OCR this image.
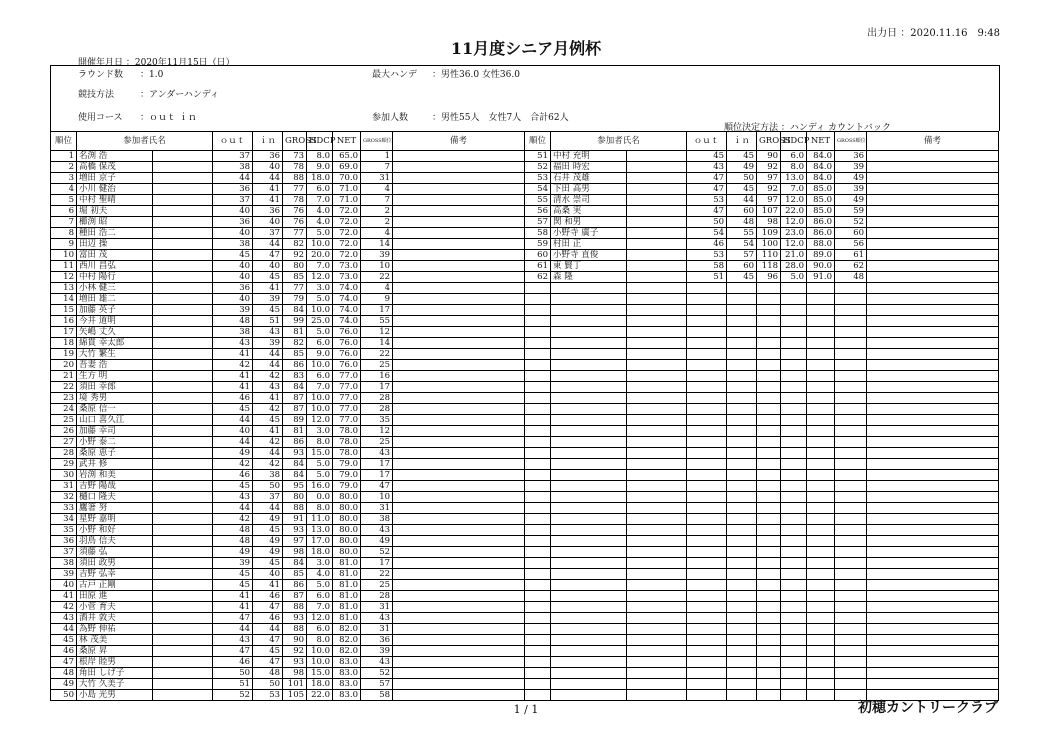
出力日 ：2020.11.16　9:48
11月度シニア月例杯
開催年月日 ：2020年11月15日（日）
ラウンド数 ：1.0	最大ハンデ ：男性36.0 女性36.0
競技方法	：アンダーハンディ
使用コース ：ｏｕｔ ｉｎ	参加人数	：男性55人　女性7人　合計62人
順位決定方法 ：ハンディ カウントバック
順位	参加者氏名		ｏｕｔ	ｉｎ	GROSS	HDCP	NET	GROSS順位	備考
1	名渕 浩		37	36	73	8.0	65.0	1	
2	高橋 保茂		38	40	78	9.0	69.0	7	
3	増田 京子		44	44	88	18.0	70.0	31	
4	小川 健治		36	41	77	6.0	71.0	4	
5	中村 聖晴		37	41	78	7.0	71.0	7	
6	堀 初夫		40	36	76	4.0	72.0	2	
7	櫛渕 昭		36	40	76	4.0	72.0	2	
8	種田 浩二		40	37	77	5.0	72.0	4	
9	田辺 操		38	44	82	10.0	72.0	14	
10	富田 茂		45	47	92	20.0	72.0	39	
11	西川 昌弘		40	40	80	7.0	73.0	10	
12	中村 陽行		40	45	85	12.0	73.0	22	
13	小林 健三		36	41	77	3.0	74.0	4	
14	増田 雄二		40	39	79	5.0	74.0	9	
15	加藤 英子		39	45	84	10.0	74.0	17	
16	今井 道明		48	51	99	25.0	74.0	55	
17	矢嶋 丈久		38	43	81	5.0	76.0	12	
18	綿貫 幸太郎		43	39	82	6.0	76.0	14	
19	大竹 繁生		41	44	85	9.0	76.0	22	
20	吾妻 浩		42	44	86	10.0	76.0	25	
21	生方 明		41	42	83	6.0	77.0	16	
22	須田 幸郎		41	43	84	7.0	77.0	17	
23	境 秀男		46	41	87	10.0	77.0	28	
24	桑原 信一		45	42	87	10.0	77.0	28	
25	山口 喜久江		44	45	89	12.0	77.0	35	
26	加藤 幸司		40	41	81	3.0	78.0	12	
27	小野 泰二		44	42	86	8.0	78.0	25	
28	桑原 恵子		49	44	93	15.0	78.0	43	
29	武井 修		42	42	84	5.0	79.0	17	
30	岩渕 和美		46	38	84	5.0	79.0	17	
31	吉野 陽哉		45	50	95	16.0	79.0	47	
32	樋口 隆夫		43	37	80	0.0	80.0	10	
33	鷹箸 努		44	44	88	8.0	80.0	31	
34	星野 嘉明		42	49	91	11.0	80.0	38	
35	小野 和好		48	45	93	13.0	80.0	43	
36	羽鳥 信夫		48	49	97	17.0	80.0	49	
37	須藤 弘		49	49	98	18.0	80.0	52	
38	須田 政男		39	45	84	3.0	81.0	17	
39	吉野 弘幸		45	40	85	4.0	81.0	22	
40	古戸 正剛		45	41	86	5.0	81.0	25	
41	田原 進		41	46	87	6.0	81.0	28	
42	小菅 育夫		41	47	88	7.0	81.0	31	
43	酒井 敦夫		47	46	93	12.0	81.0	43	
44	為野 伸祐		44	44	88	6.0	82.0	31	
45	林 茂美		43	47	90	8.0	82.0	36	
46	桑原 昇		47	45	92	10.0	82.0	39	
47	根岸 睦男		46	47	93	10.0	83.0	43	
48	角田 しげ子		50	48	98	15.0	83.0	52	
49	大竹 久美子		51	50	101	18.0	83.0	57	
50	小島 光男		52	53	105	22.0	83.0	58	
順位	参加者氏名		ｏｕｔ	ｉｎ	GROSS	HDCP	NET	GROSS順位	備考
51	中村 充明		45	45	90	6.0	84.0	36	
52	福田 時宏		43	49	92	8.0	84.0	39	
53	石井 茂雄		47	50	97	13.0	84.0	49	
54	下田 高男		47	45	92	7.0	85.0	39	
55	清水 崇司		53	44	97	12.0	85.0	49	
56	高桑 実		47	60	107	22.0	85.0	59	
57	関 和男		50	48	98	12.0	86.0	52	
58	小野寺 廣子		54	55	109	23.0	86.0	60	
59	村田 正		46	54	100	12.0	88.0	56	
60	小野寺 直俊		53	57	110	21.0	89.0	61	
61	東 賢丁		58	60	118	28.0	90.0	62	
62	森 隆		51	45	96	5.0	91.0	48	

1 / 1	初穂カントリークラブ
